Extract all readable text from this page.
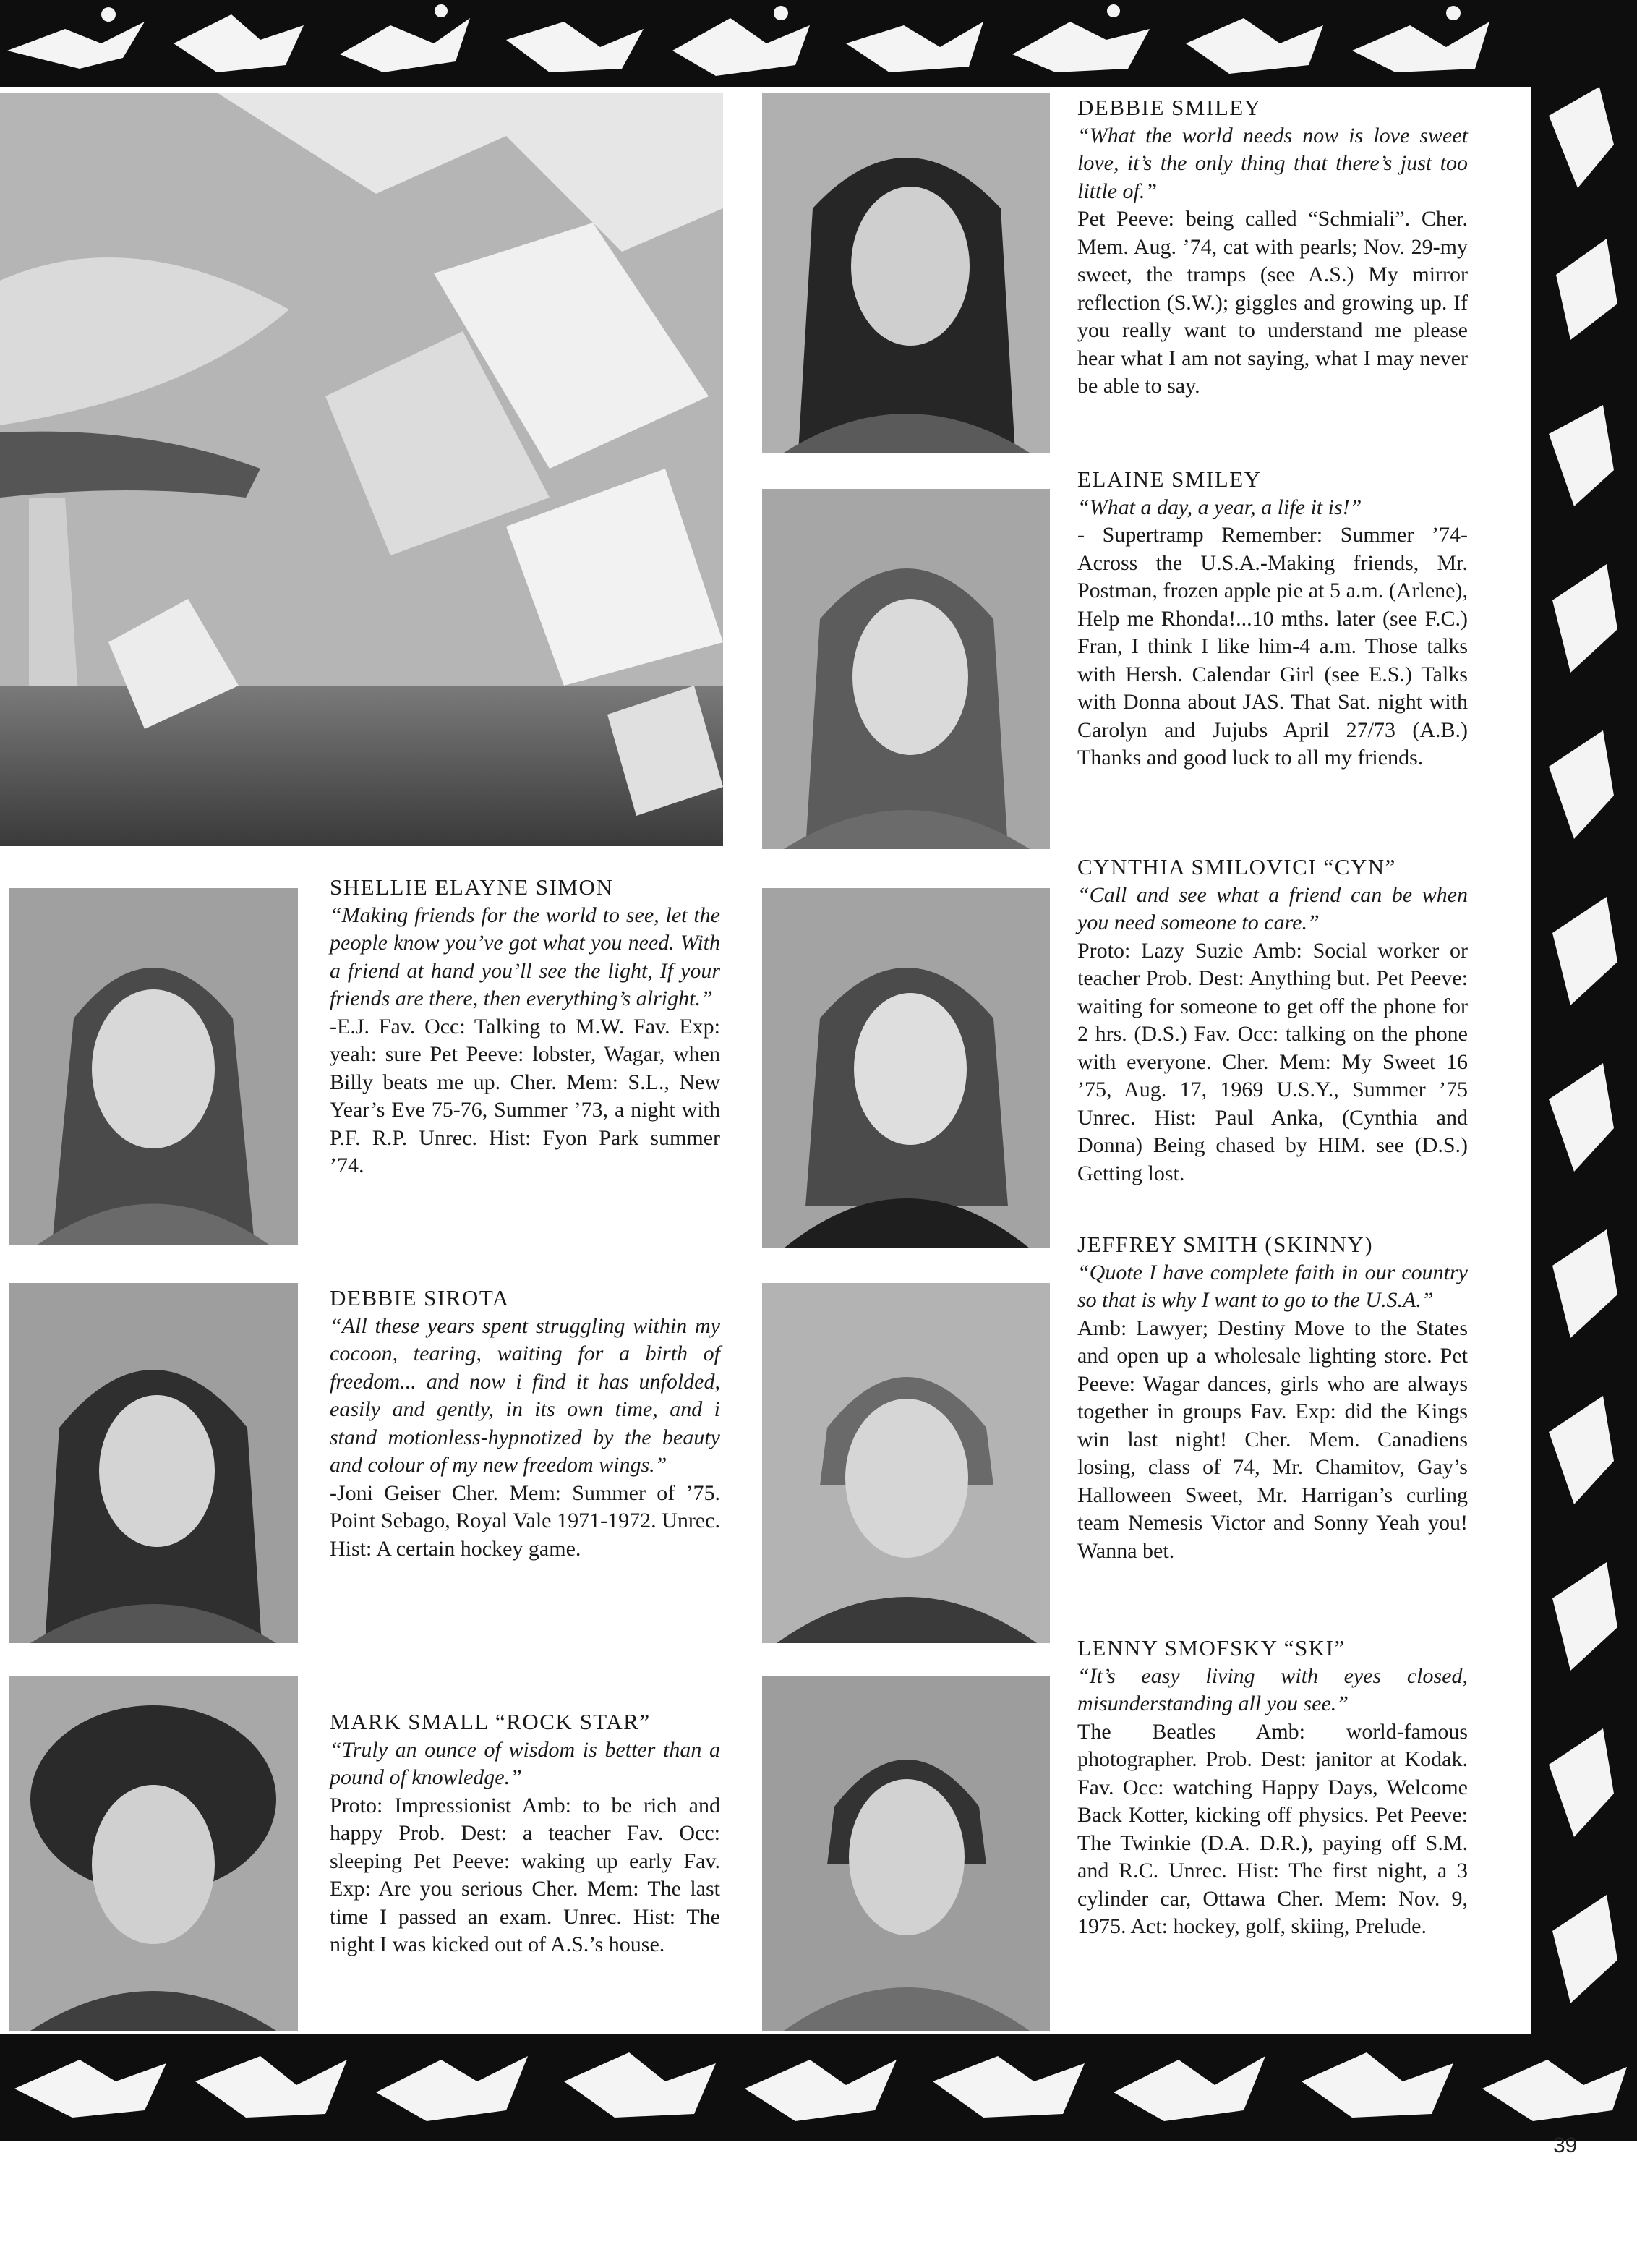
DEBBIE SMILEY
“What the world needs now is love sweet love, it’s the only thing that there’s just too little of.”
Pet Peeve: being called “Schmiali”. Cher. Mem. Aug. ’74, cat with pearls; Nov. 29-my sweet, the tramps (see A.S.) My mirror reflection (S.W.); giggles and growing up. If you really want to understand me please hear what I am not saying, what I may never be able to say.
ELAINE SMILEY
“What a day, a year, a life it is!”
- Supertramp Remember: Summer ’74-Across the U.S.A.-Making friends, Mr. Postman, frozen apple pie at 5 a.m. (Arlene), Help me Rhonda!...10 mths. later (see F.C.) Fran, I think I like him-4 a.m. Those talks with Hersh. Calendar Girl (see E.S.) Talks with Donna about JAS. That Sat. night with Carolyn and Jujubs April 27/73 (A.B.) Thanks and good luck to all my friends.
CYNTHIA SMILOVICI “CYN”
“Call and see what a friend can be when you need someone to care.”
Proto: Lazy Suzie Amb: Social worker or teacher Prob. Dest: Anything but. Pet Peeve: waiting for someone to get off the phone for 2 hrs. (D.S.) Fav. Occ: talking on the phone with everyone. Cher. Mem: My Sweet 16 ’75, Aug. 17, 1969 U.S.Y., Summer ’75 Unrec. Hist: Paul Anka, (Cynthia and Donna) Being chased by HIM. see (D.S.) Getting lost.
JEFFREY SMITH (SKINNY)
“Quote I have complete faith in our country so that is why I want to go to the U.S.A.”
Amb: Lawyer; Destiny Move to the States and open up a wholesale lighting store. Pet Peeve: Wagar dances, girls who are always together in groups Fav. Exp: did the Kings win last night! Cher. Mem. Canadiens losing, class of 74, Mr. Chamitov, Gay’s Halloween Sweet, Mr. Harrigan’s curling team Nemesis Victor and Sonny Yeah you! Wanna bet.
LENNY SMOFSKY “SKI”
“It’s easy living with eyes closed, misunderstanding all you see.”
The Beatles Amb: world-famous photographer. Prob. Dest: janitor at Kodak. Fav. Occ: watching Happy Days, Welcome Back Kotter, kicking off physics. Pet Peeve: The Twinkie (D.A. D.R.), paying off S.M. and R.C. Unrec. Hist: The first night, a 3 cylinder car, Ottawa Cher. Mem: Nov. 9, 1975. Act: hockey, golf, skiing, Prelude.
SHELLIE ELAYNE SIMON
“Making friends for the world to see, let the people know you’ve got what you need. With a friend at hand you’ll see the light, If your friends are there, then everything’s alright.”
-E.J. Fav. Occ: Talking to M.W. Fav. Exp: yeah: sure Pet Peeve: lobster, Wagar, when Billy beats me up. Cher. Mem: S.L., New Year’s Eve 75-76, Summer ’73, a night with P.F. R.P. Unrec. Hist: Fyon Park summer ’74.
DEBBIE SIROTA
“All these years spent struggling within my cocoon, tearing, waiting for a birth of freedom... and now i find it has unfolded, easily and gently, in its own time, and i stand motionless-hypnotized by the beauty and colour of my new freedom wings.”
-Joni Geiser Cher. Mem: Summer of ’75. Point Sebago, Royal Vale 1971-1972. Unrec. Hist: A certain hockey game.
MARK SMALL “ROCK STAR”
“Truly an ounce of wisdom is better than a pound of knowledge.”
Proto: Impressionist Amb: to be rich and happy Prob. Dest: a teacher Fav. Occ: sleeping Pet Peeve: waking up early Fav. Exp: Are you serious Cher. Mem: The last time I passed an exam. Unrec. Hist: The night I was kicked out of A.S.’s house.
39
